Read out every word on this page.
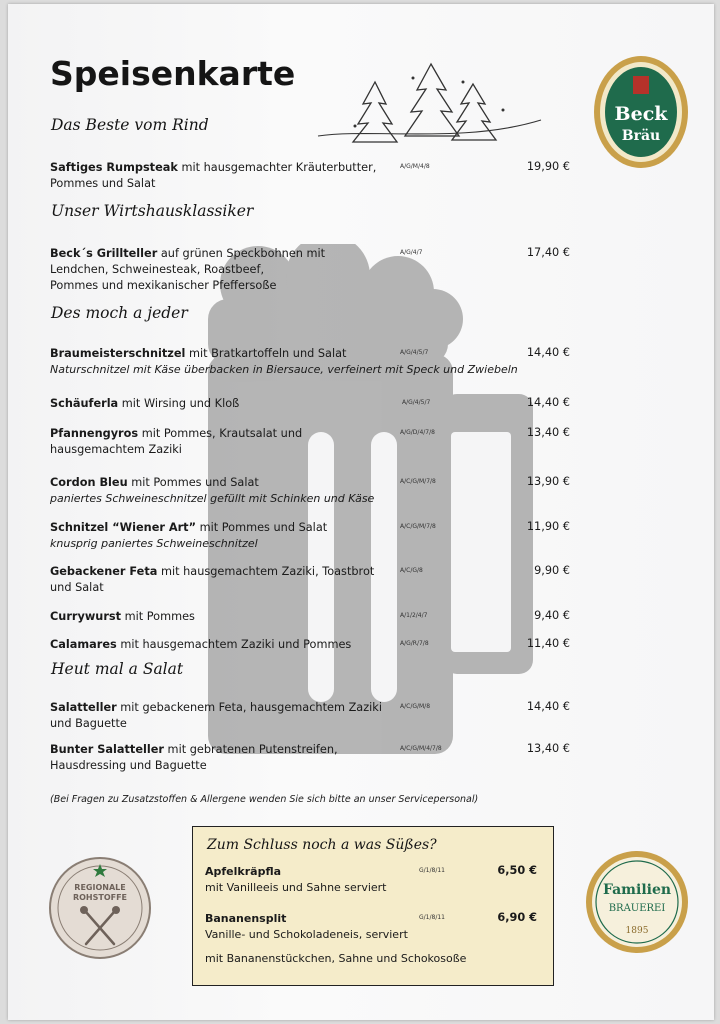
Speisenkarte
Beck
Bräu
Das Beste vom Rind
Saftiges Rumpsteak mit hausgemachter Kräuterbutter,
Pommes und Salat
A/G/M/4/8	19,90 €
Unser Wirtshausklassiker
Beck´s Grillteller auf grünen Speckbohnen mit
Lendchen, Schweinesteak, Roastbeef,
Pommes und mexikanischer Pfeffersoße
A/G/4/7	17,40 €
Des moch a jeder
Braumeisterschnitzel mit Bratkartoffeln und Salat
Naturschnitzel mit Käse überbacken in Biersauce, verfeinert mit Speck und Zwiebeln
A/G/4/5/7	14,40 €
Schäuferla mit Wirsing und Kloß	A/G/4/5/7	14,40 €
Pfannengyros mit Pommes, Krautsalat und
hausgemachtem Zaziki
A/G/D/4/7/8	13,40 €
Cordon Bleu mit Pommes und Salat
paniertes Schweineschnitzel gefüllt mit Schinken und Käse
A/C/G/M/7/8	13,90 €
Schnitzel “Wiener Art” mit Pommes und Salat
knusprig paniertes Schweineschnitzel
A/C/G/M/7/8	11,90 €
Gebackener Feta mit hausgemachtem Zaziki, Toastbrot
und Salat
A/C/G/8	9,90 €
Currywurst mit Pommes	A/1/2/4/7	9,40 €
Calamares mit hausgemachtem Zaziki und Pommes	A/G/R/7/8	11,40 €
Heut mal a Salat
Salatteller mit gebackenem Feta, hausgemachtem Zaziki
und Baguette
A/C/G/M/8	14,40 €
Bunter Salatteller mit gebratenen Putenstreifen,
Hausdressing und Baguette
A/C/G/M/4/7/8	13,40 €
(Bei Fragen zu Zusatzstoffen & Allergene wenden Sie sich bitte an unser Servicepersonal)
Zum Schluss noch a was Süßes?
Apfelkräpfla
mit Vanilleeis und Sahne serviert
G/1/8/11	6,50 €
Bananensplit
Vanille- und Schokoladeneis, serviert
mit Bananenstückchen, Sahne und Schokosoße
G/1/8/11	6,90 €
REGIONALE
ROHSTOFFE	Familien
BRAUEREI
1895
